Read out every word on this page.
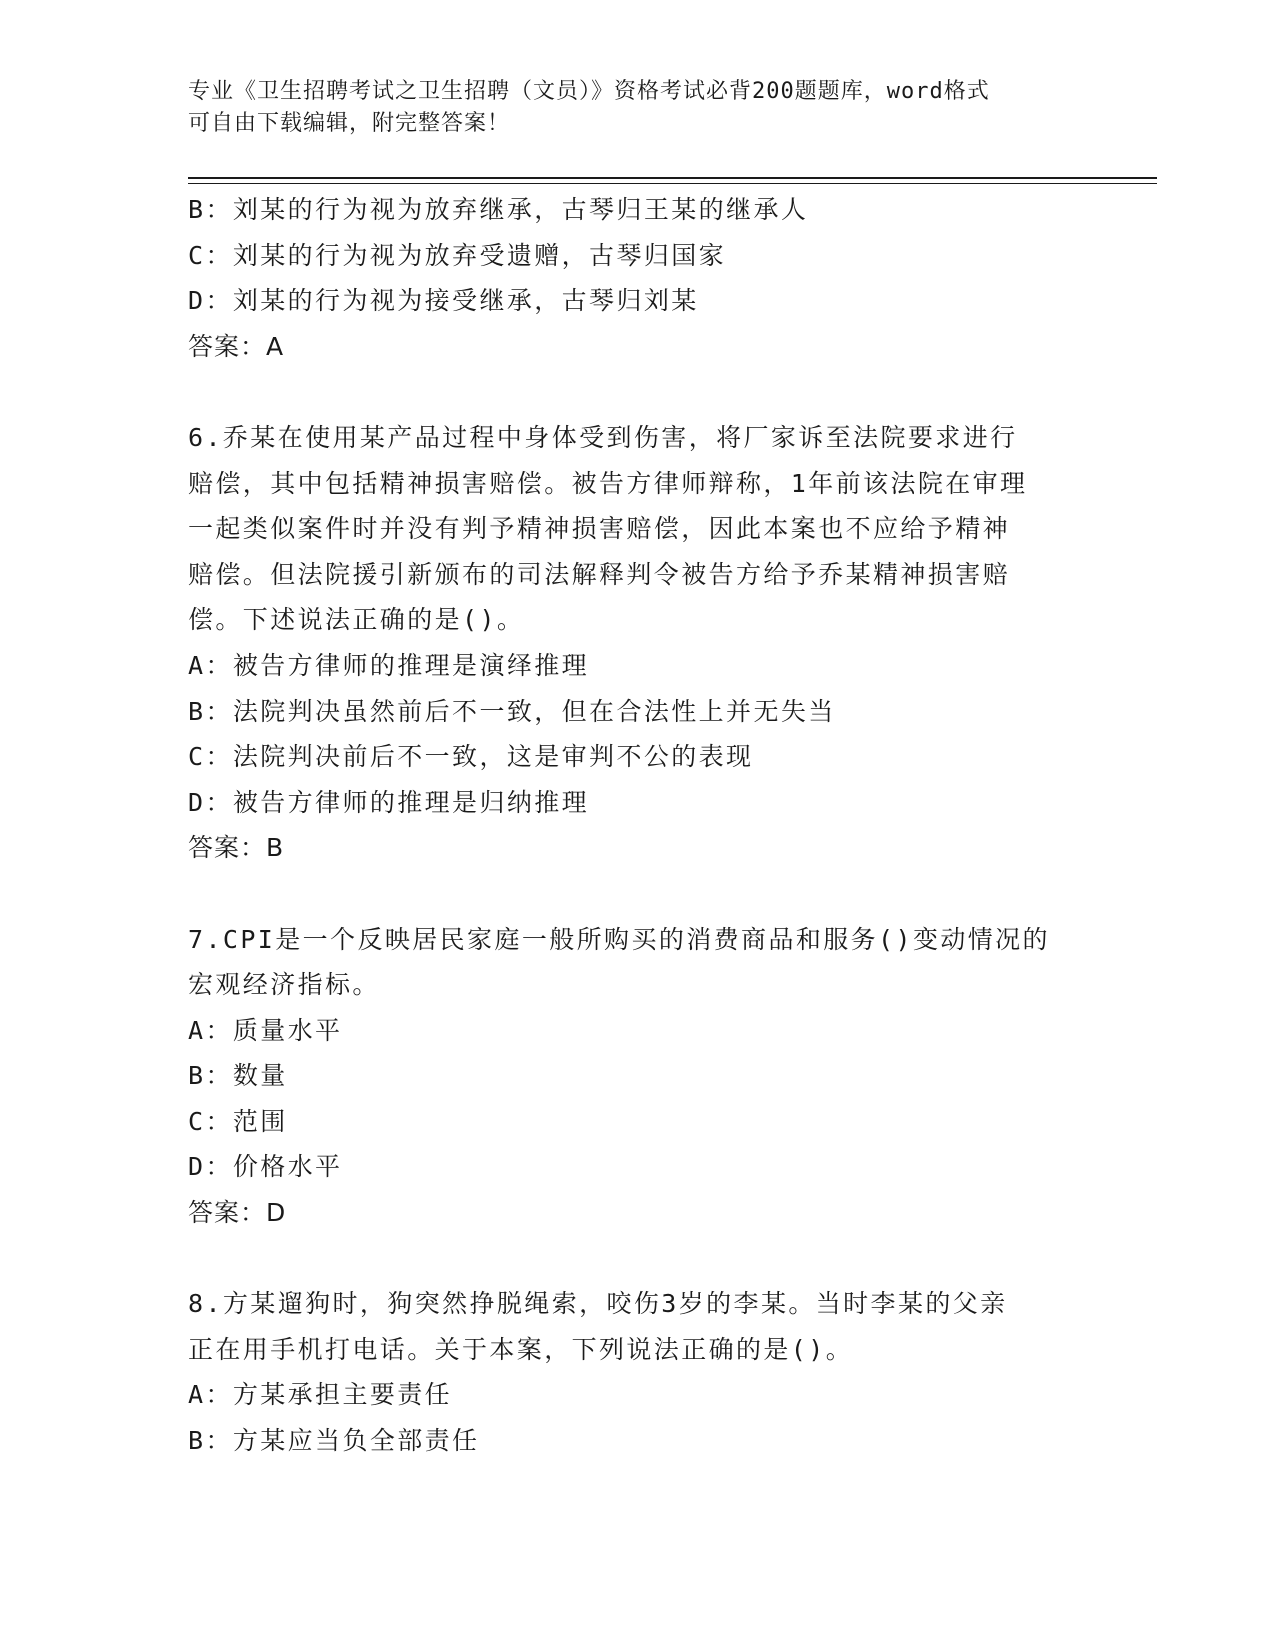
专业《卫生招聘考试之卫生招聘（文员）》资格考试必背200题题库，word格式
可自由下载编辑，附完整答案！
B：刘某的行为视为放弃继承，古琴归王某的继承人
C：刘某的行为视为放弃受遗赠，古琴归国家
D：刘某的行为视为接受继承，古琴归刘某
答案：A
6.乔某在使用某产品过程中身体受到伤害，将厂家诉至法院要求进行
赔偿，其中包括精神损害赔偿。被告方律师辩称，1年前该法院在审理
一起类似案件时并没有判予精神损害赔偿，因此本案也不应给予精神
赔偿。但法院援引新颁布的司法解释判令被告方给予乔某精神损害赔
偿。下述说法正确的是()。
A：被告方律师的推理是演绎推理
B：法院判决虽然前后不一致，但在合法性上并无失当
C：法院判决前后不一致，这是审判不公的表现
D：被告方律师的推理是归纳推理
答案：B
7.CPI是一个反映居民家庭一般所购买的消费商品和服务()变动情况的
宏观经济指标。
A：质量水平
B：数量
C：范围
D：价格水平
答案：D
8.方某遛狗时，狗突然挣脱绳索，咬伤3岁的李某。当时李某的父亲
正在用手机打电话。关于本案，下列说法正确的是()。
A：方某承担主要责任
B：方某应当负全部责任
